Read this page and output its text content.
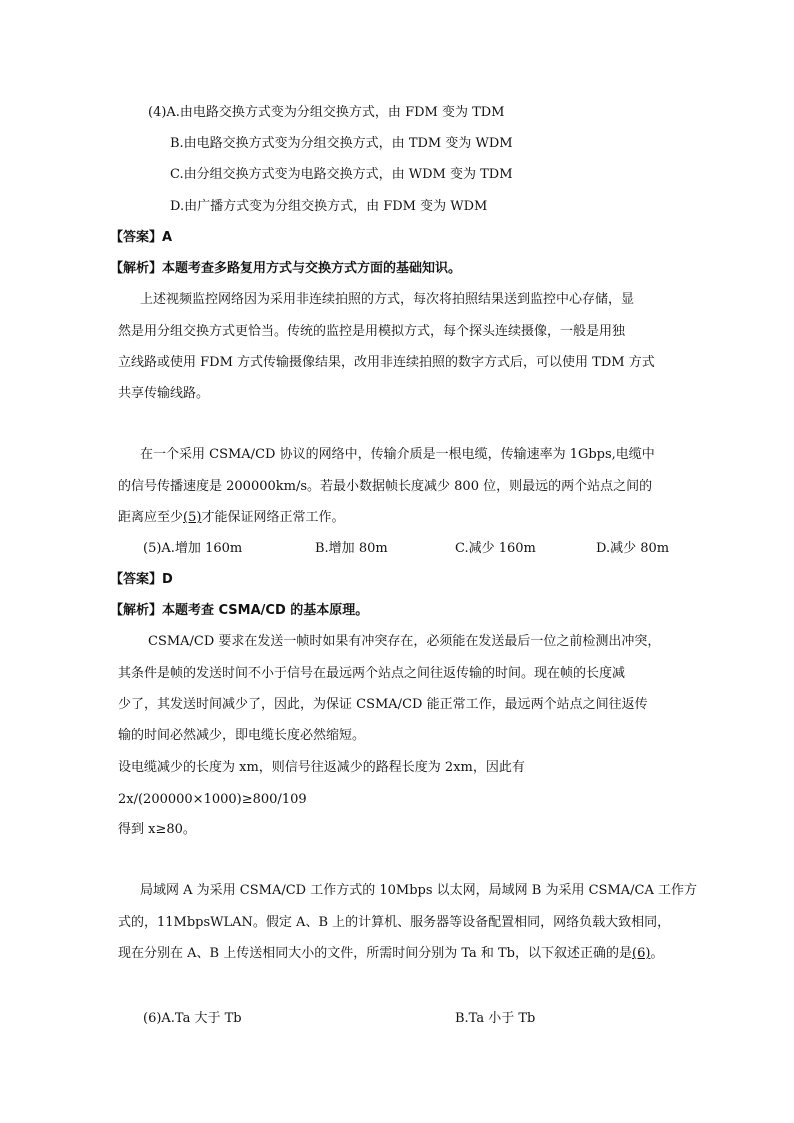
(4)A.由电路交换方式变为分组交换方式，由 FDM 变为 TDM
B.由电路交换方式变为分组交换方式，由 TDM 变为 WDM
C.由分组交换方式变为电路交换方式，由 WDM 变为 TDM
D.由广播方式变为分组交换方式，由 FDM 变为 WDM
【答案】A
【解析】本题考查多路复用方式与交换方式方面的基础知识。
上述视频监控网络因为采用非连续拍照的方式，每次将拍照结果送到监控中心存储，显
然是用分组交换方式更恰当。传统的监控是用模拟方式，每个探头连续摄像，一般是用独
立线路或使用 FDM 方式传输摄像结果，改用非连续拍照的数字方式后，可以使用 TDM 方式
共享传输线路。
在一个采用 CSMA/CD 协议的网络中，传输介质是一根电缆，传输速率为 1Gbps,电缆中
的信号传播速度是 200000km/s。若最小数据帧长度减少 800 位，则最远的两个站点之间的
距离应至少(5)才能保证网络正常工作。
(5)A.增加 160m	B.增加 80m	C.减少 160m	D.减少 80m
【答案】D
【解析】本题考查 CSMA/CD 的基本原理。
CSMA/CD 要求在发送一帧时如果有冲突存在，必须能在发送最后一位之前检测出冲突，
其条件是帧的发送时间不小于信号在最远两个站点之间往返传输的时间。现在帧的长度减
少了，其发送时间减少了，因此，为保证 CSMA/CD 能正常工作，最远两个站点之间往返传
输的时间必然减少，即电缆长度必然缩短。
设电缆减少的长度为 xm，则信号往返减少的路程长度为 2xm，因此有
2x/(200000×1000)≥800/109
得到 x≥80。
局域网 A 为采用 CSMA/CD 工作方式的 10Mbps 以太网，局域网 B 为采用 CSMA/CA 工作方
式的，11MbpsWLAN。假定 A、B 上的计算机、服务器等设备配置相同，网络负载大致相同，
现在分别在 A、B 上传送相同大小的文件，所需时间分别为 Ta 和 Tb，以下叙述正确的是(6)。
(6)A.Ta 大于 Tb	B.Ta 小于 Tb
